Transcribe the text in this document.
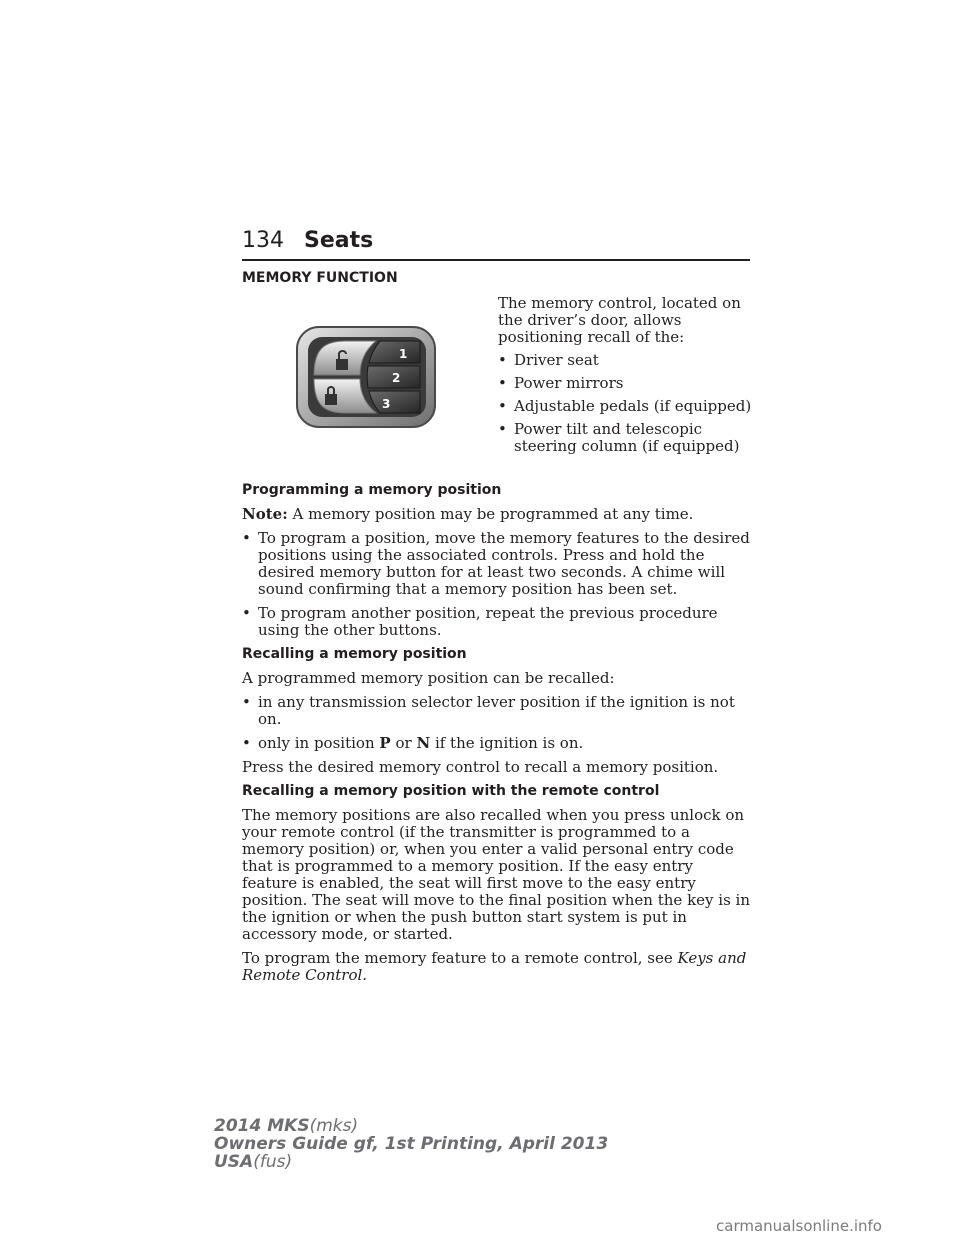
134 Seats
MEMORY FUNCTION
1
2
3

The memory control, located on the driver’s door, allows positioning recall of the:

• Driver seat
• Power mirrors
• Adjustable pedals (if equipped)
• Power tilt and telescopic steering column (if equipped)
Programming a memory position

Note: A memory position may be programmed at any time.

• To program a position, move the memory features to the desired positions using the associated controls. Press and hold the desired memory button for at least two seconds. A chime will sound confirming that a memory position has been set.
• To program another position, repeat the previous procedure using the other buttons.
Recalling a memory position

A programmed memory position can be recalled:

• in any transmission selector lever position if the ignition is not on.
• only in position P or N if the ignition is on.

Press the desired memory control to recall a memory position.

Recalling a memory position with the remote control

The memory positions are also recalled when you press unlock on your remote control (if the transmitter is programmed to a memory position) or, when you enter a valid personal entry code that is programmed to a memory position. If the easy entry feature is enabled, the seat will first move to the easy entry position. The seat will move to the final position when the key is in the ignition or when the push button start system is put in accessory mode, or started.

To program the memory feature to a remote control, see Keys and Remote Control.

2014 MKS(mks)
Owners Guide gf, 1st Printing, April 2013
USA(fus)
carmanualsonline.info
